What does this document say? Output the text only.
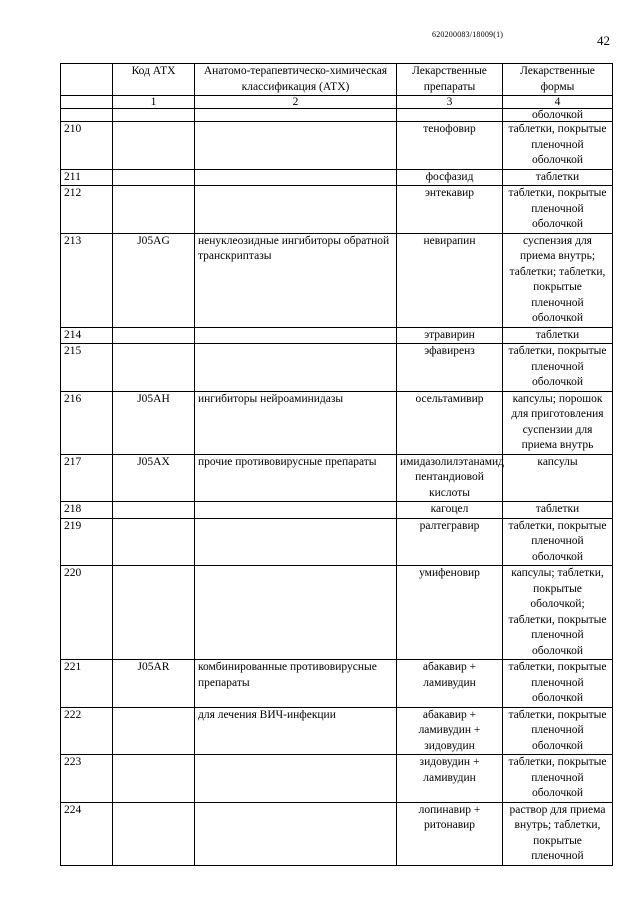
620200083/18009(1)	42
	Код АТХ	Анатомо-терапевтическо-химическая классификация (АТХ)	Лекарственные препараты	Лекарственные формы
	1	2	3	4
				оболочкой
210			тенофовир	таблетки, покрытые пленочной оболочкой
211			фосфазид	таблетки
212			энтекавир	таблетки, покрытые пленочной оболочкой
213	J05AG	ненуклеозидные ингибиторы обратной транскриптазы	невирапин	суспензия для приема внутрь; таблетки; таблетки, покрытые пленочной оболочкой
214			этравирин	таблетки
215			эфавиренз	таблетки, покрытые пленочной оболочкой
216	J05AH	ингибиторы нейроаминидазы	осельтамивир	капсулы; порошок для приготовления суспензии для приема внутрь
217	J05AX	прочие противовирусные препараты	имидазолилэтанамид пентандиовой кислоты	капсулы
218			кагоцел	таблетки
219			ралтегравир	таблетки, покрытые пленочной оболочкой
220			умифеновир	капсулы; таблетки, покрытые оболочкой; таблетки, покрытые пленочной оболочкой
221	J05AR	комбинированные противовирусные препараты	абакавир + ламивудин	таблетки, покрытые пленочной оболочкой
222		для лечения ВИЧ-инфекции	абакавир + ламивудин + зидовудин	таблетки, покрытые пленочной оболочкой
223			зидовудин + ламивудин	таблетки, покрытые пленочной оболочкой
224			лопинавир + ритонавир	раствор для приема внутрь; таблетки, покрытые пленочной
